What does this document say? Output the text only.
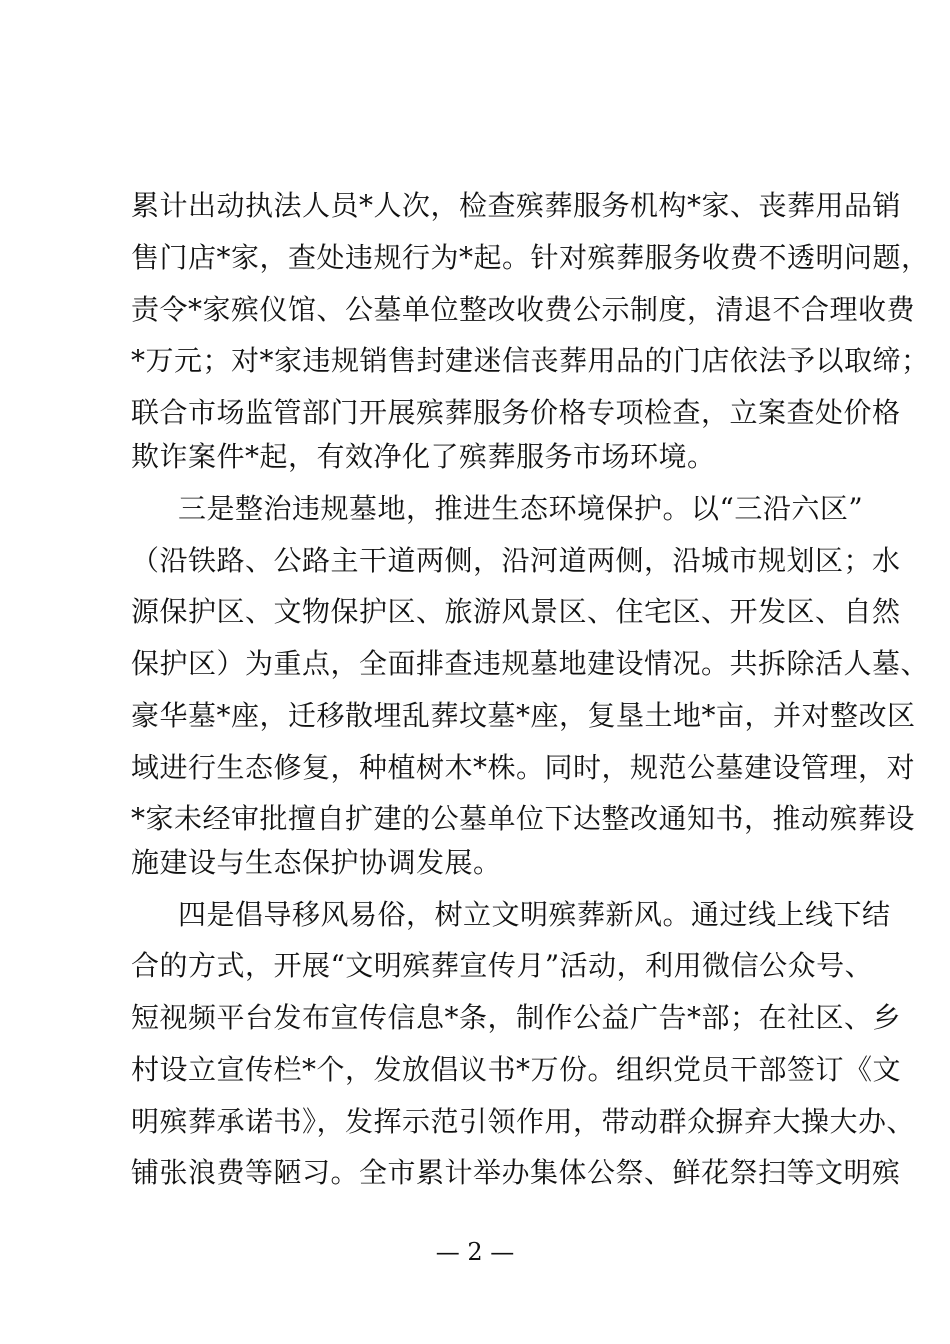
累计出动执法人员*人次，检查殡葬服务机构*家、丧葬用品销
售门店*家，查处违规行为*起。针对殡葬服务收费不透明问题，
责令*家殡仪馆、公墓单位整改收费公示制度，清退不合理收费
*万元；对*家违规销售封建迷信丧葬用品的门店依法予以取缔；
联合市场监管部门开展殡葬服务价格专项检查，立案查处价格
欺诈案件*起，有效净化了殡葬服务市场环境。
三是整治违规墓地，推进生态环境保护。以“三沿六区”
（沿铁路、公路主干道两侧，沿河道两侧，沿城市规划区；水
源保护区、文物保护区、旅游风景区、住宅区、开发区、自然
保护区）为重点，全面排查违规墓地建设情况。共拆除活人墓、
豪华墓*座，迁移散埋乱葬坟墓*座，复垦土地*亩，并对整改区
域进行生态修复，种植树木*株。同时，规范公墓建设管理，对
*家未经审批擅自扩建的公墓单位下达整改通知书，推动殡葬设
施建设与生态保护协调发展。
四是倡导移风易俗，树立文明殡葬新风。通过线上线下结
合的方式，开展“文明殡葬宣传月”活动，利用微信公众号、
短视频平台发布宣传信息*条，制作公益广告*部；在社区、乡
村设立宣传栏*个，发放倡议书*万份。组织党员干部签订《文
明殡葬承诺书》，发挥示范引领作用，带动群众摒弃大操大办、
铺张浪费等陋习。全市累计举办集体公祭、鲜花祭扫等文明殡
— 2 —
